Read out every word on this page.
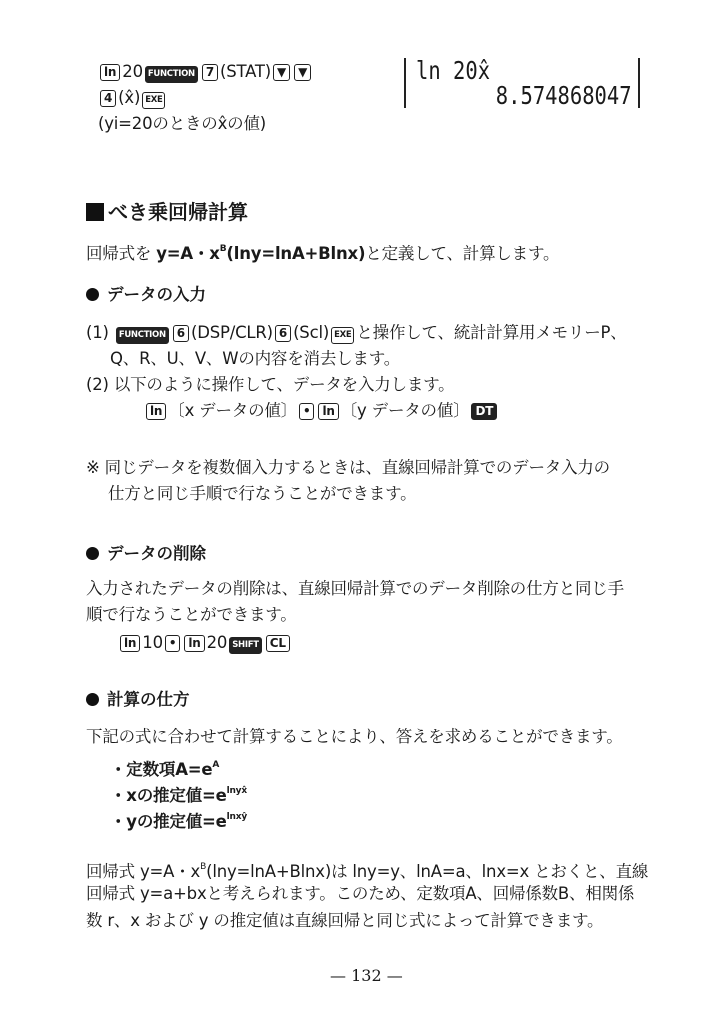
ln 20 FUNCTION 7 (STAT) ▼ ▼
4 (x̂) EXE
(yi=20のときのx̂の値)
ln 20x̂
8.574868047
べき乗回帰計算
回帰式を y=A・$x^B(\ln y=\ln A+Blnx)$と定義して、計算します。
データの入力
(1) FUNCTION 6 (DSP/CLR) 6 (Scl) EXE と操作して、統計計算用メモリーP、
Q、R、U、V、Wの内容を消去します。
(2) 以下のように操作して、データを入力します。
ln 〔x データの値〕 • ln 〔y データの値〕 DT
※ 同じデータを複数個入力するときは、直線回帰計算でのデータ入力の
仕方と同じ手順で行なうことができます。
データの削除
入力されたデータの削除は、直線回帰計算でのデータ削除の仕方と同じ手
順で行なうことができます。
ln 10 • ln 20 SHIFT CL
計算の仕方
下記の式に合わせて計算することにより、答えを求めることができます。
・定数項$A=e^A$
・xの推定値$=e^{lnyx̂}$
・yの推定値$=e^{lnxŷ}$
回帰式 y=A・$x^B(\ln y=\ln A+Blnx)$は lny=y、lnA=a、lnx=x とおくと、直線
回帰式 y=a+bxと考えられます。このため、定数項A、回帰係数B、相関係
数 r、x および y の推定値は直線回帰と同じ式によって計算できます。
— 132 —
